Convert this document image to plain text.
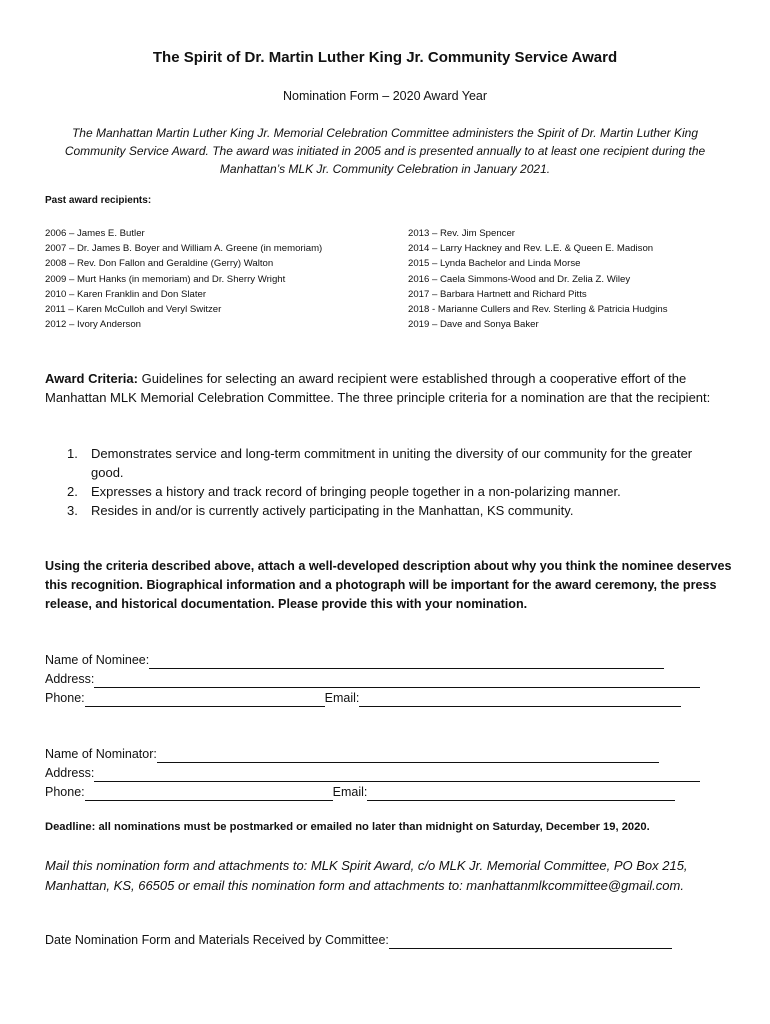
The Spirit of Dr. Martin Luther King Jr. Community Service Award
Nomination Form – 2020 Award Year
The Manhattan Martin Luther King Jr. Memorial Celebration Committee administers the Spirit of Dr. Martin Luther King Community Service Award. The award was initiated in 2005 and is presented annually to at least one recipient during the Manhattan’s MLK Jr. Community Celebration in January 2021.
Past award recipients:
2006 – James E. Butler
2007 – Dr. James B. Boyer and William A. Greene (in memoriam)
2008 – Rev. Don Fallon and Geraldine (Gerry) Walton
2009 – Murt Hanks (in memoriam) and Dr. Sherry Wright
2010 – Karen Franklin and Don Slater
2011 – Karen McCulloh and Veryl Switzer
2012 – Ivory Anderson
2013 – Rev. Jim Spencer
2014 – Larry Hackney and Rev. L.E. & Queen E. Madison
2015 – Lynda Bachelor and Linda Morse
2016 – Caela Simmons-Wood and Dr. Zelia Z. Wiley
2017 – Barbara Hartnett and Richard Pitts
2018 - Marianne Cullers and Rev. Sterling & Patricia Hudgins
2019 – Dave and Sonya Baker
Award Criteria: Guidelines for selecting an award recipient were established through a cooperative effort of the Manhattan MLK Memorial Celebration Committee. The three principle criteria for a nomination are that the recipient:
1. Demonstrates service and long-term commitment in uniting the diversity of our community for the greater good.
2. Expresses a history and track record of bringing people together in a non-polarizing manner.
3. Resides in and/or is currently actively participating in the Manhattan, KS community.
Using the criteria described above, attach a well-developed description about why you think the nominee deserves this recognition. Biographical information and a photograph will be important for the award ceremony, the press release, and historical documentation. Please provide this with your nomination.
Name of Nominee:
Address:
Phone:	Email:
Name of Nominator:
Address:
Phone:	Email:
Deadline: all nominations must be postmarked or emailed no later than midnight on Saturday, December 19, 2020.
Mail this nomination form and attachments to: MLK Spirit Award, c/o MLK Jr. Memorial Committee, PO Box 215, Manhattan, KS, 66505 or email this nomination form and attachments to: manhattanmlkcommittee@gmail.com.
Date Nomination Form and Materials Received by Committee:
